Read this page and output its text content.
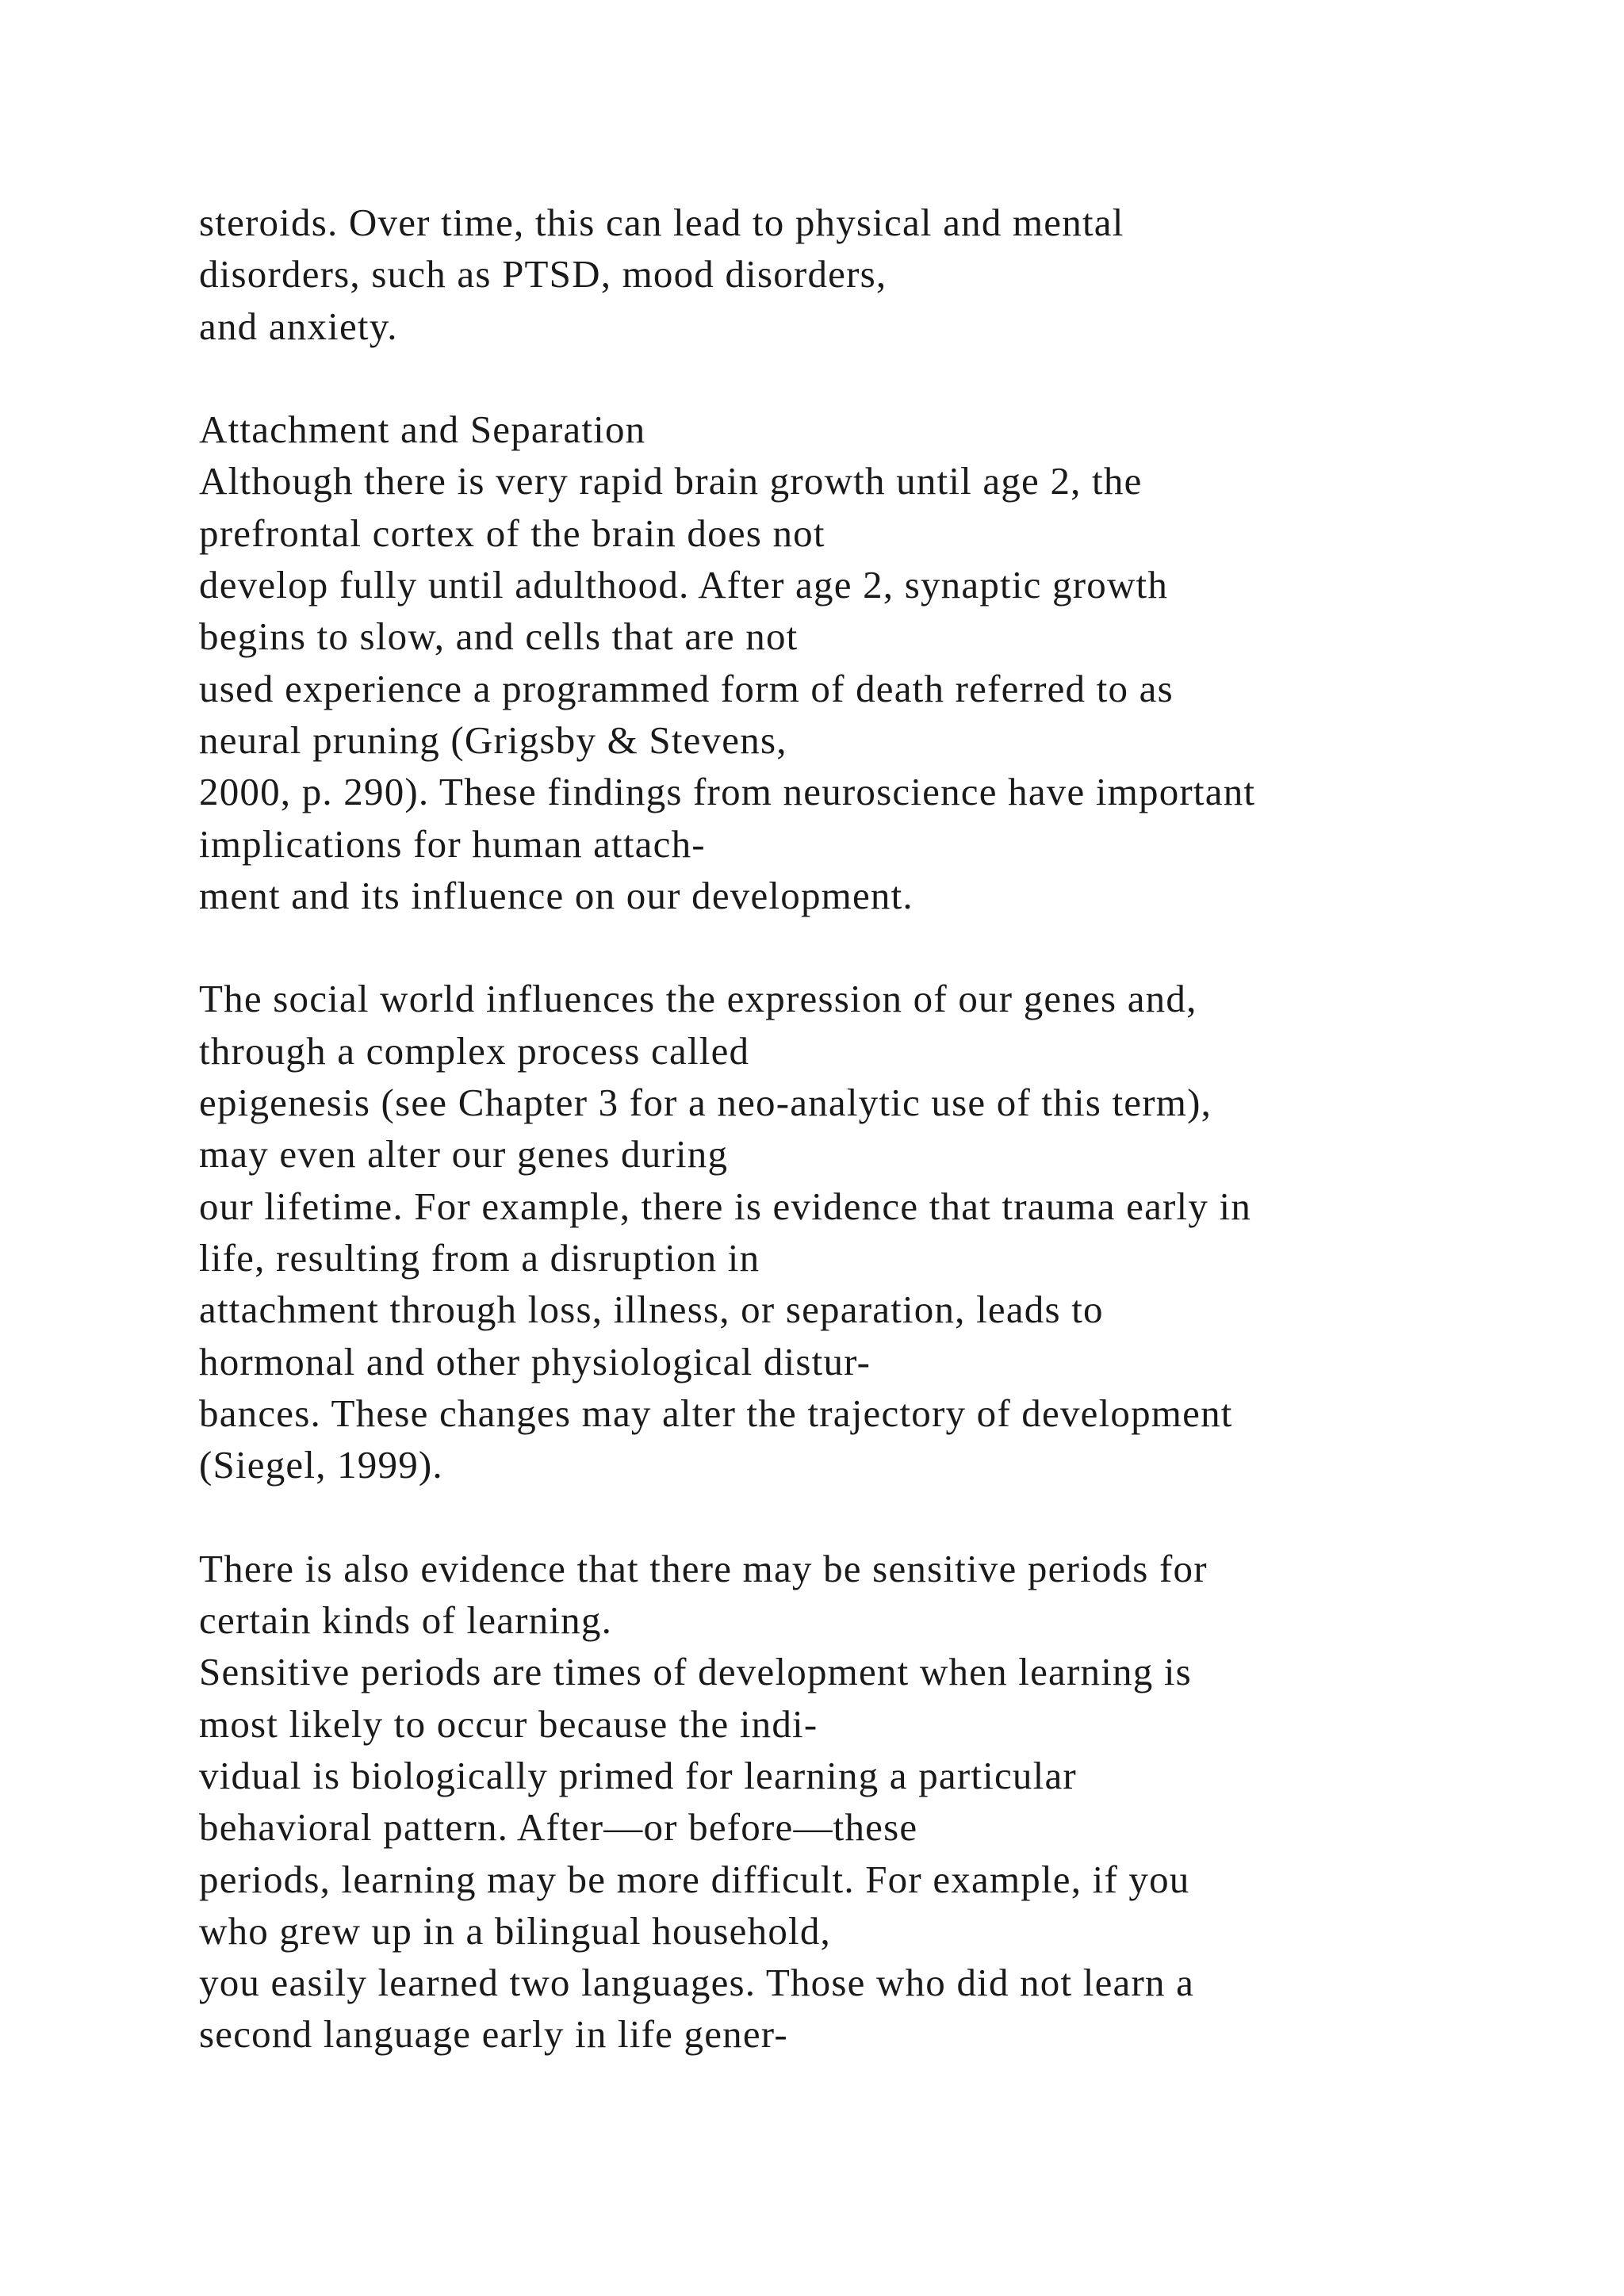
steroids. Over time, this can lead to physical and mental
disorders, such as PTSD, mood disorders,
and anxiety.
Attachment and Separation
Although there is very rapid brain growth until age 2, the
prefrontal cortex of the brain does not
develop fully until adulthood. After age 2, synaptic growth
begins to slow, and cells that are not
used experience a programmed form of death referred to as
neural pruning (Grigsby & Stevens,
2000, p. 290). These findings from neuroscience have important
implications for human attach-
ment and its influence on our development.
The social world influences the expression of our genes and,
through a complex process called
epigenesis (see Chapter 3 for a neo-analytic use of this term),
may even alter our genes during
our lifetime. For example, there is evidence that trauma early in
life, resulting from a disruption in
attachment through loss, illness, or separation, leads to
hormonal and other physiological distur-
bances. These changes may alter the trajectory of development
(Siegel, 1999).
There is also evidence that there may be sensitive periods for
certain kinds of learning.
Sensitive periods are times of development when learning is
most likely to occur because the indi-
vidual is biologically primed for learning a particular
behavioral pattern. After—or before—these
periods, learning may be more difficult. For example, if you
who grew up in a bilingual household,
you easily learned two languages. Those who did not learn a
second language early in life gener-
